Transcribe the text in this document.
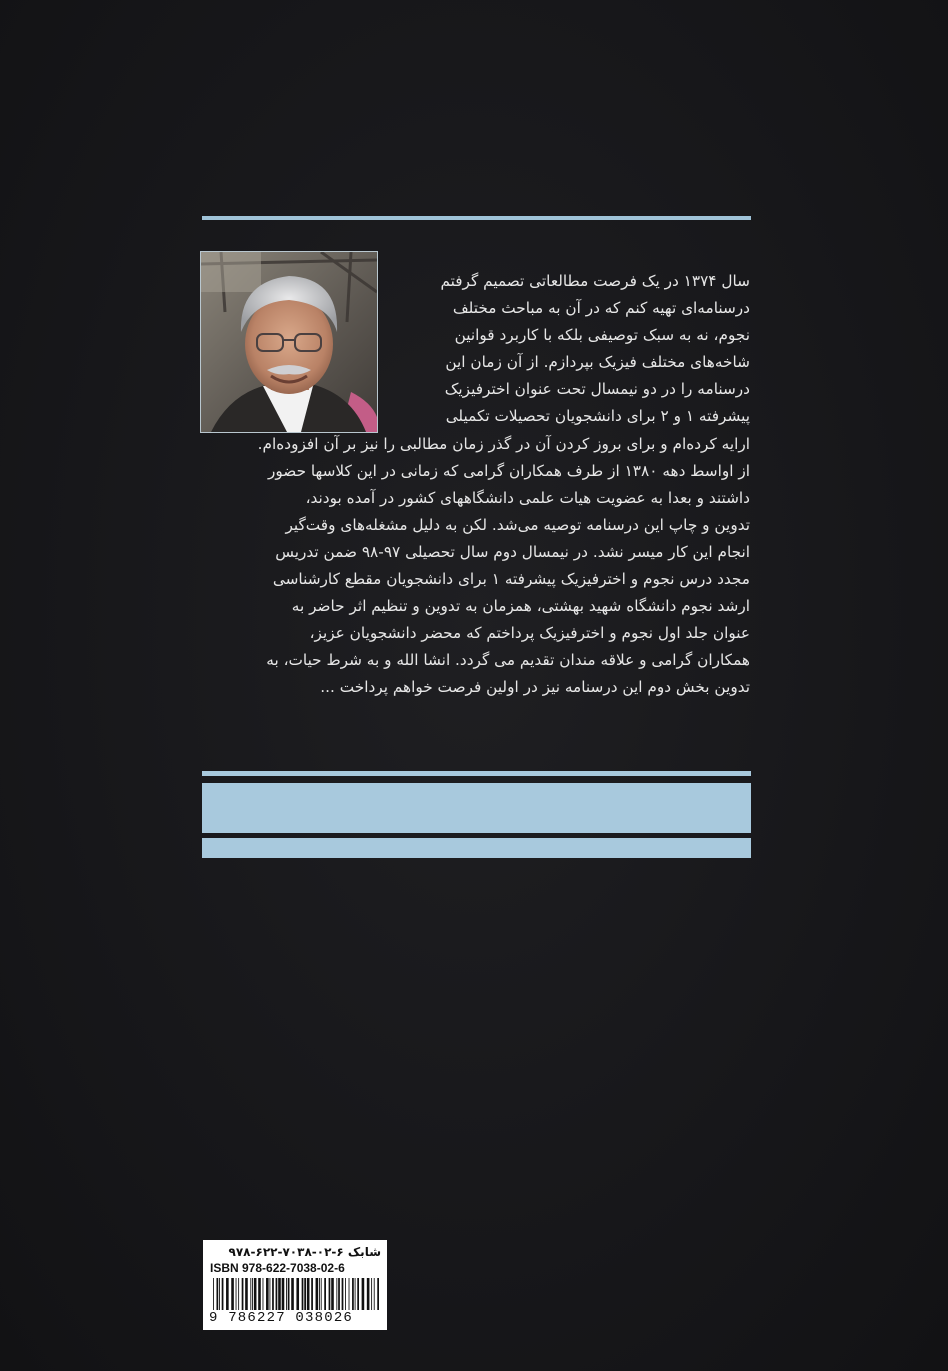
سال ۱۳۷۴ در یک فرصت مطالعاتی تصمیم گرفتم
درسنامه‌ای تهیه کنم که در آن به مباحث مختلف
نجوم، نه به سبک توصیفی بلکه با کاربرد قوانین
شاخه‌های مختلف فیزیک بپردازم. از آن زمان این
درسنامه را در دو نیمسال تحت عنوان اخترفیزیک
پیشرفته ۱ و ۲ برای دانشجویان تحصیلات تکمیلی
ارایه کرده‌ام و برای بروز کردن آن در گذر زمان مطالبی را نیز بر آن افزوده‌ام.
از اواسط دهه ۱۳۸۰ از طرف همکاران گرامی که زمانی در این کلاسها حضور
داشتند و بعدا به عضویت هیات علمی دانشگاههای کشور در آمده بودند،
تدوین و چاپ این درسنامه توصیه می‌شد. لکن به دلیل مشغله‌های وقت‌گیر
انجام این کار میسر نشد. در نیمسال دوم سال تحصیلی ۹۷-۹۸ ضمن تدریس
مجدد درس نجوم و اخترفیزیک پیشرفته ۱ برای دانشجویان مقطع کارشناسی
ارشد نجوم دانشگاه شهید بهشتی، همزمان به تدوین و تنظیم اثر حاضر به
عنوان جلد اول نجوم و اخترفیزیک پرداختم که محضر دانشجویان عزیز،
همکاران گرامی و علاقه مندان تقدیم می گردد. انشا الله و به شرط حیات، به
تدوین بخش دوم این درسنامه نیز در اولین فرصت خواهم پرداخت ...
شابک ۶-۰۲-۷۰۳۸-۶۲۲-۹۷۸
ISBN 978-622-7038-02-6
9 786227 038026
